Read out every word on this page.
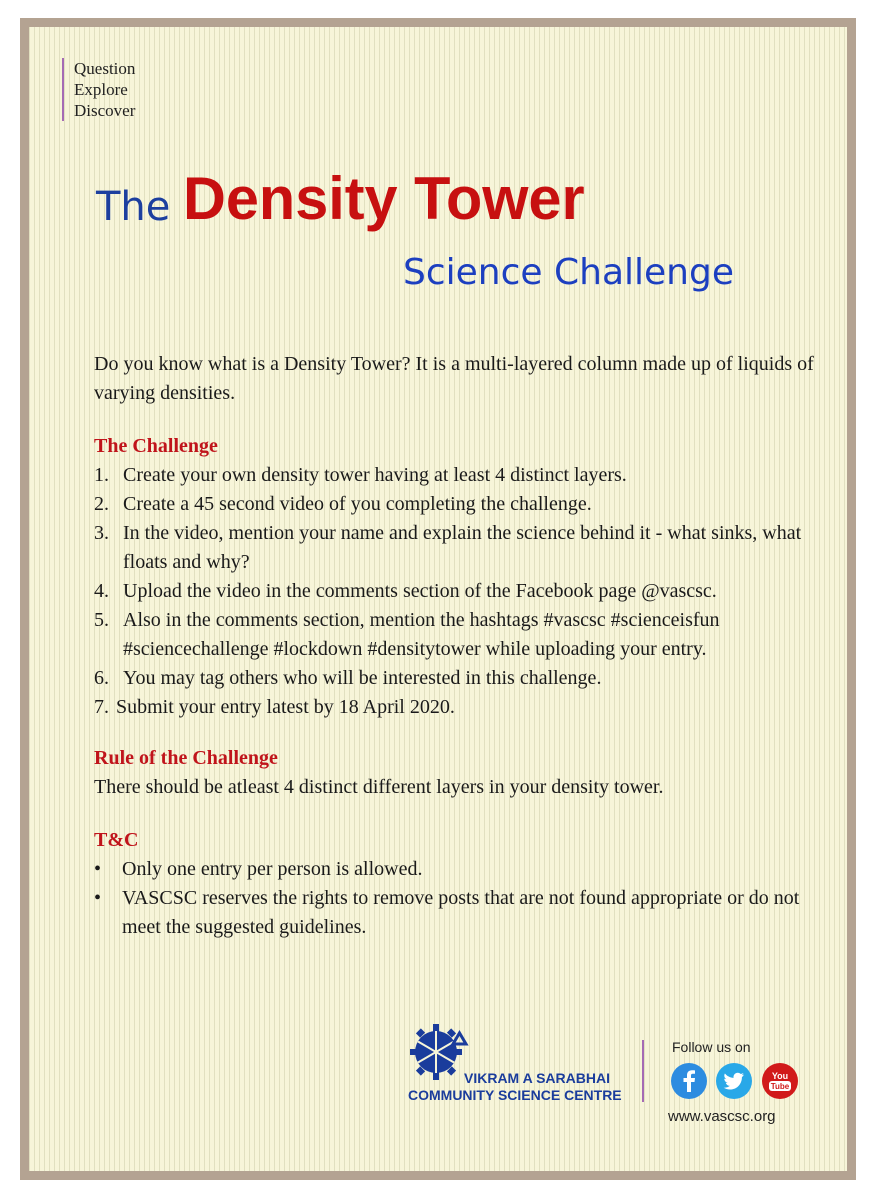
Question
Explore
Discover
The Density Tower
Science Challenge

Do you know what is a Density Tower? It is a multi-layered column made up of liquids of varying densities.

The Challenge

1. Create your own density tower having at least 4 distinct layers.
2. Create a 45 second video of you completing the challenge.
3. In the video, mention your name and explain the science behind it - what sinks, what floats and why?
4. Upload the video in the comments section of the Facebook page @vascsc.
5. Also in the comments section, mention the hashtags #vascsc #scienceisfun #sciencechallenge #lockdown #densitytower while uploading your entry.
6. You may tag others who will be interested in this challenge.
7. Submit your entry latest by 18 April 2020.

Rule of the Challenge

There should be atleast 4 distinct different layers in your density tower.

T&C

• Only one entry per person is allowed.
• VASCSC reserves the rights to remove posts that are not found appropriate or do not meet the suggested guidelines.
VIKRAM A SARABHAI
COMMUNITY SCIENCE CENTRE
Follow us on
You
Tube
www.vascsc.org
